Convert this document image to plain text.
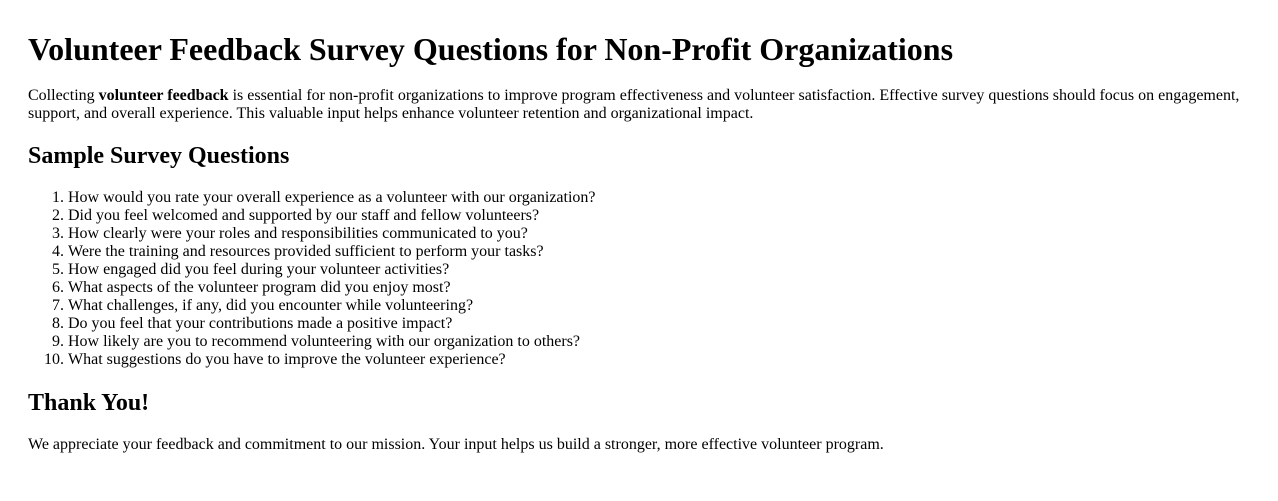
Volunteer Feedback Survey Questions for Non-Profit Organizations

Collecting volunteer feedback is essential for non-profit organizations to improve program effectiveness and volunteer satisfaction. Effective survey questions should focus on engagement, support, and overall experience. This valuable input helps enhance volunteer retention and organizational impact.

Sample Survey Questions
1. How would you rate your overall experience as a volunteer with our organization?
2. Did you feel welcomed and supported by our staff and fellow volunteers?
3. How clearly were your roles and responsibilities communicated to you?
4. Were the training and resources provided sufficient to perform your tasks?
5. How engaged did you feel during your volunteer activities?
6. What aspects of the volunteer program did you enjoy most?
7. What challenges, if any, did you encounter while volunteering?
8. Do you feel that your contributions made a positive impact?
9. How likely are you to recommend volunteering with our organization to others?
10. What suggestions do you have to improve the volunteer experience?
Thank You!

We appreciate your feedback and commitment to our mission. Your input helps us build a stronger, more effective volunteer program.
